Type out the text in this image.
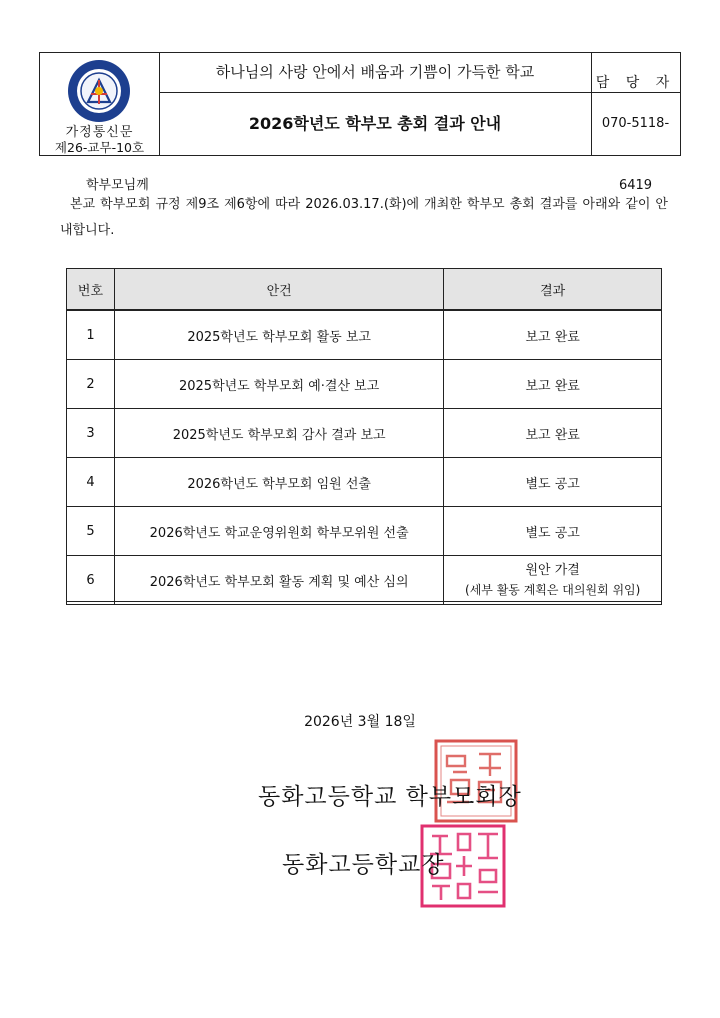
가정통신문
제26-교무-10호
하나님의 사랑 안에서 배움과 기쁨이 가득한 학교
2026학년도 학부모 총회 결과 안내
담 당 자
070-5118-6419
학부모님께
본교 학부모회 규정 제9조 제6항에 따라 2026.03.17.(화)에 개최한 학부모 총회 결과를 아래와 같이 안내합니다.
번호	안건	결과
1	2025학년도 학부모회 활동 보고	보고 완료
2	2025학년도 학부모회 예·결산 보고	보고 완료
3	2025학년도 학부모회 감사 결과 보고	보고 완료
4	2026학년도 학부모회 임원 선출	별도 공고
5	2026학년도 학교운영위원회 학부모위원 선출	별도 공고
6	2026학년도 학부모회 활동 계획 및 예산 심의	원안 가결
(세부 활동 계획은 대의원회 위임)
2026년 3월 18일
동화고등학교 학부모회장
동화고등학교장
